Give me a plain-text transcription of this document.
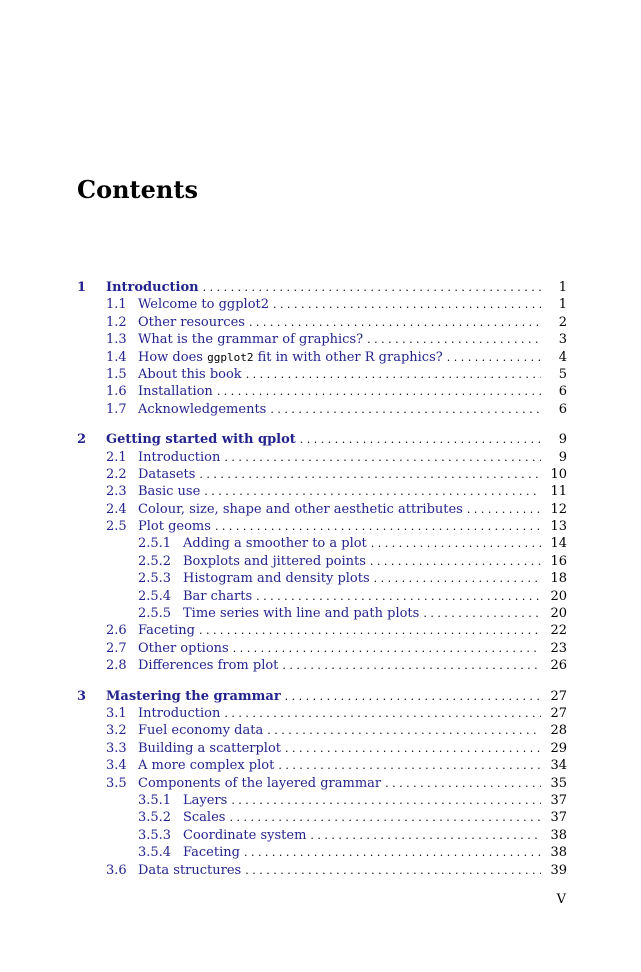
Contents
1	Introduction . . .	1
1.1 Welcome to ggplot2 . . .	1
1.2 Other resources . . .	2
1.3 What is the grammar of graphics? . . .	3
1.4 How does ggplot2 fit in with other R graphics? . . .	4
1.5 About this book . . .	5
1.6 Installation . . .	6
1.7 Acknowledgements . . .	6
2	Getting started with qplot . . .	9
2.1 Introduction . . .	9
2.2 Datasets . . .	10
2.3 Basic use . . .	11
2.4 Colour, size, shape and other aesthetic attributes . . .	12
2.5 Plot geoms . . .	13
2.5.1 Adding a smoother to a plot . . .	14
2.5.2 Boxplots and jittered points . . .	16
2.5.3 Histogram and density plots . . .	18
2.5.4 Bar charts . . .	20
2.5.5 Time series with line and path plots . . .	20
2.6 Faceting . . .	22
2.7 Other options . . .	23
2.8 Differences from plot . . .	26
3	Mastering the grammar . . .	27
3.1 Introduction . . .	27
3.2 Fuel economy data . . .	28
3.3 Building a scatterplot . . .	29
3.4 A more complex plot . . .	34
3.5 Components of the layered grammar . . .	35
3.5.1 Layers . . .	37
3.5.2 Scales . . .	37
3.5.3 Coordinate system . . .	38
3.5.4 Faceting . . .	38
3.6 Data structures . . .	39
V
